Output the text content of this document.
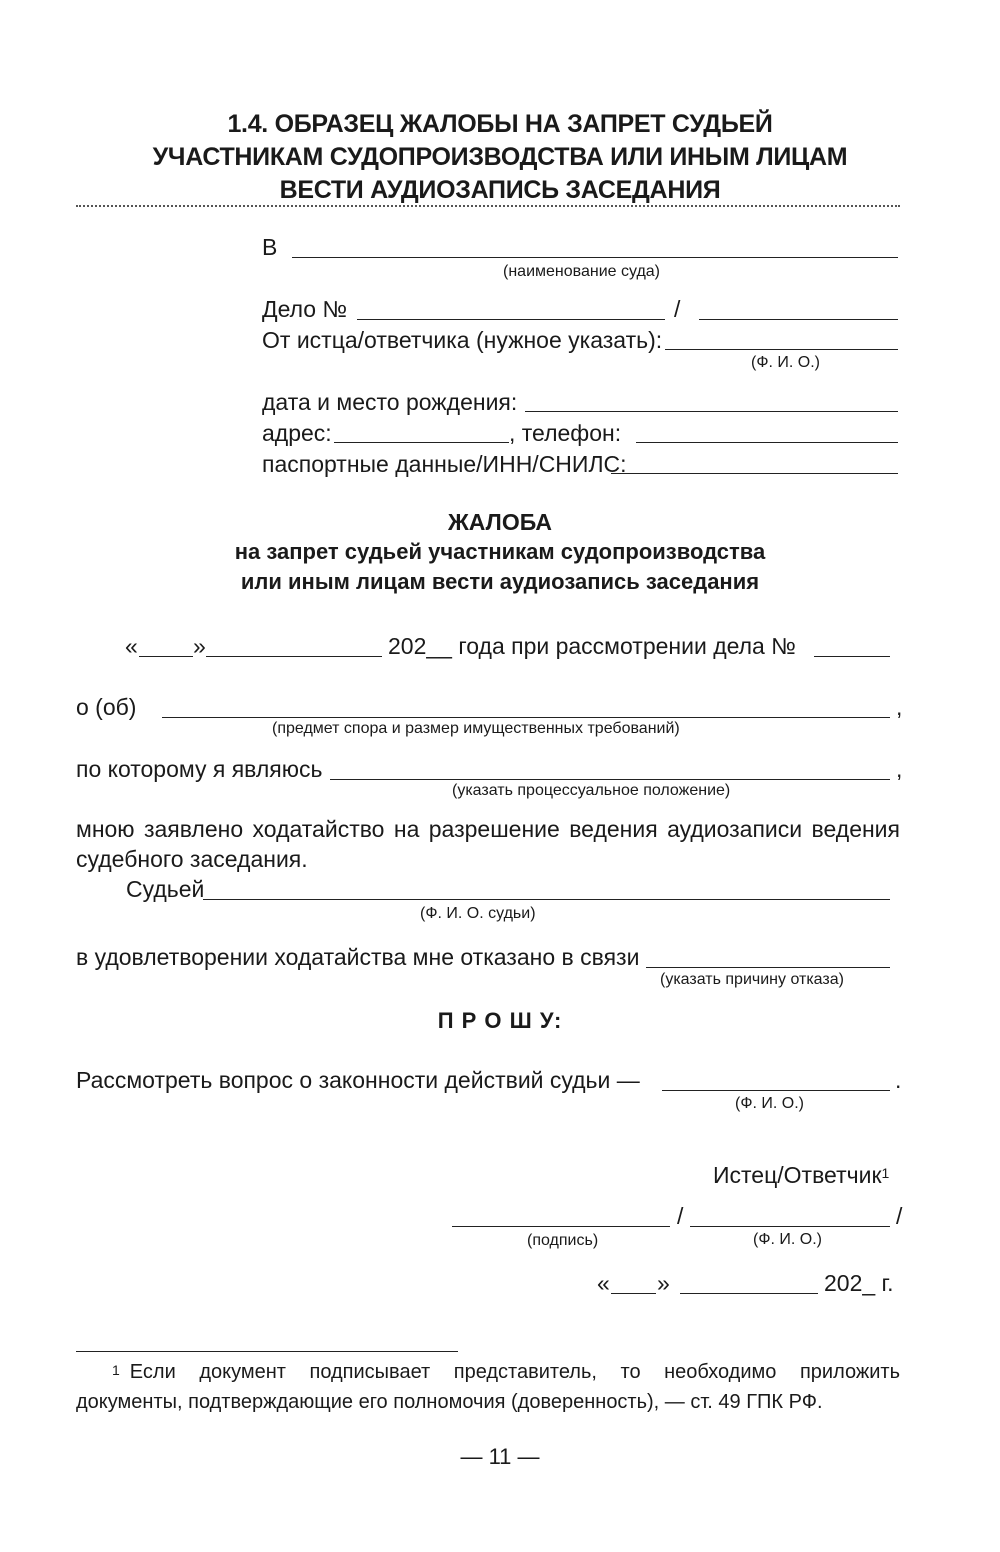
1.4. ОБРАЗЕЦ ЖАЛОБЫ НА ЗАПРЕТ СУДЬЕЙ
УЧАСТНИКАМ СУДОПРОИЗВОДСТВА ИЛИ ИНЫМ ЛИЦАМ
ВЕСТИ АУДИОЗАПИСЬ ЗАСЕДАНИЯ
В
(наименование суда)
Дело №	/
От истца/ответчика (нужное указать):
(Ф. И. О.)
дата и место рождения:
адрес:	, телефон:
паспортные данные/ИНН/СНИЛС:
ЖАЛОБА
на запрет судьей участникам судопроизводства
или иным лицам вести аудиозапись заседания
« »	202__ года при рассмотрении дела №
о (об)	,
(предмет спора и размер имущественных требований)
по которому я являюсь	,
(указать процессуальное положение)
мною заявлено ходатайство на разрешение ведения аудиозаписи ведения судебного заседания.
Судьей
(Ф. И. О. судьи)
в удовлетворении ходатайства мне отказано в связи
(указать причину отказа)
П Р О Ш У:
Рассмотреть вопрос о законности действий судьи —	.
(Ф. И. О.)
Истец/Ответчик$^1$
/	/
(подпись)	(Ф. И. О.)
« »	202_ г.
$^1$ Если документ подписывает представитель, то необходимо приложить документы, подтверждающие его полномочия (доверенность), — ст. 49 ГПК РФ.
— 11 —
